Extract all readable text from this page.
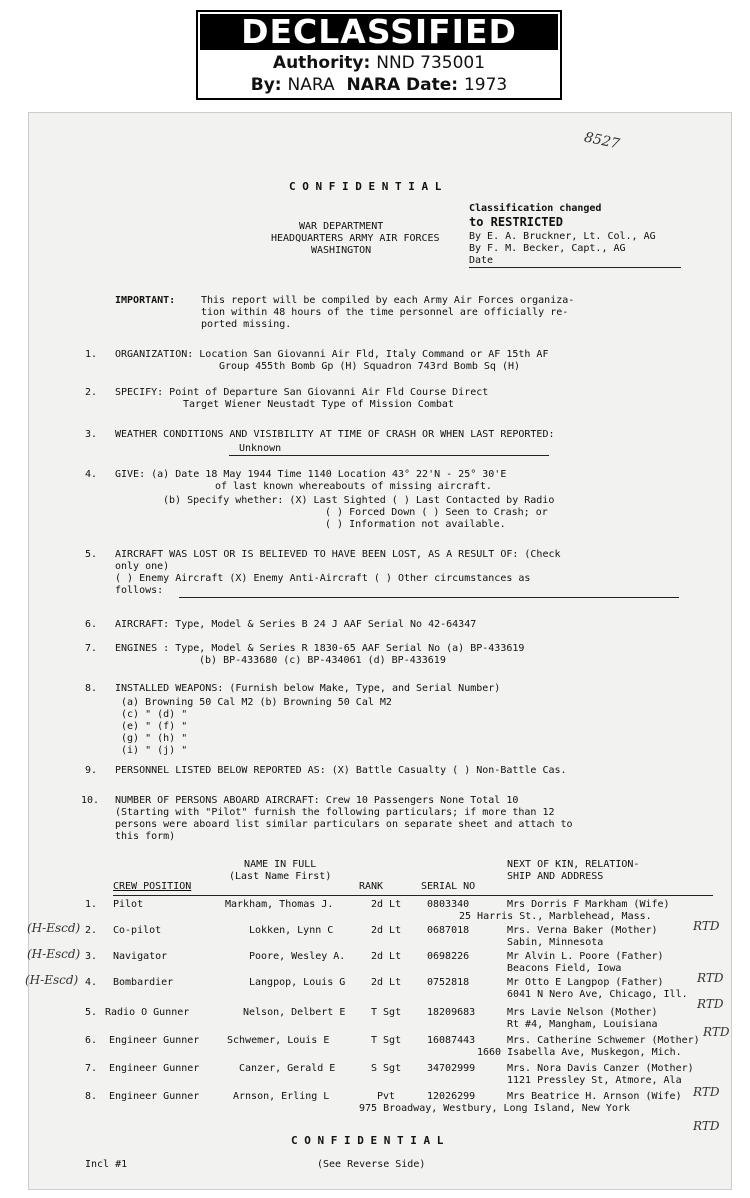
DECLASSIFIED
Authority: NND 735001
By: NARA NARA Date: 1973
C O N F I D E N T I A L
8527
WAR DEPARTMENT
HEADQUARTERS ARMY AIR FORCES
WASHINGTON
Classification changed
to RESTRICTED
By E. A. Bruckner, Lt. Col., AG
By F. M. Becker, Capt., AG
Date
IMPORTANT:	This report will be compiled by each Army Air Forces organiza-
tion within 48 hours of the time personnel are officially re-
ported missing.
1. ORGANIZATION: Location San Giovanni Air Fld, Italy Command or AF 15th AF
Group 455th Bomb Gp (H) Squadron 743rd Bomb Sq (H)
2. SPECIFY: Point of Departure San Giovanni Air Fld Course Direct
Target Wiener Neustadt Type of Mission Combat
3. WEATHER CONDITIONS AND VISIBILITY AT TIME OF CRASH OR WHEN LAST REPORTED:
Unknown
4. GIVE: (a) Date 18 May 1944 Time 1140 Location 43° 22'N - 25° 30'E
of last known whereabouts of missing aircraft.
(b) Specify whether: (X) Last Sighted ( ) Last Contacted by Radio
( ) Forced Down ( ) Seen to Crash; or
( ) Information not available.
5. AIRCRAFT WAS LOST OR IS BELIEVED TO HAVE BEEN LOST, AS A RESULT OF: (Check
only one)
( ) Enemy Aircraft (X) Enemy Anti-Aircraft ( ) Other circumstances as
follows:
6. AIRCRAFT: Type, Model & Series B 24 J AAF Serial No 42-64347
7. ENGINES : Type, Model & Series R 1830-65 AAF Serial No (a) BP-433619
(b) BP-433680 (c) BP-434061 (d) BP-433619
8. INSTALLED WEAPONS: (Furnish below Make, Type, and Serial Number)
(a) Browning 50 Cal M2 (b) Browning 50 Cal M2
(c) " (d) "
(e) " (f) "
(g) " (h) "
(i) " (j) "
9. PERSONNEL LISTED BELOW REPORTED AS: (X) Battle Casualty ( ) Non-Battle Cas.
10. NUMBER OF PERSONS ABOARD AIRCRAFT: Crew 10 Passengers None Total 10
(Starting with "Pilot" furnish the following particulars; if more than 12
persons were aboard list similar particulars on separate sheet and attach to
this form)
CREW POSITION
NAME IN FULL
(Last Name First)
RANK	SERIAL NO
NEXT OF KIN, RELATION-
SHIP AND ADDRESS
1. Pilot	Markham, Thomas J.	2d Lt	0803340	Mrs Dorris F Markham (Wife)
25 Harris St., Marblehead, Mass.
(H-Escd) 2. Co-pilot	Lokken, Lynn C	2d Lt	0687018	Mrs. Verna Baker (Mother)
Sabin, Minnesota
(H-Escd) 3. Navigator	Poore, Wesley A.	2d Lt	0698226	Mr Alvin L. Poore (Father)
Beacons Field, Iowa
(H-Escd) 4. Bombardier	Langpop, Louis G	2d Lt	0752818	Mr Otto E Langpop (Father)
6041 N Nero Ave, Chicago, Ill.
5. Radio O Gunner	Nelson, Delbert E	T Sgt	18209683	Mrs Lavie Nelson (Mother)
Rt #4, Mangham, Louisiana
6. Engineer Gunner	Schwemer, Louis E	T Sgt	16087443	Mrs. Catherine Schwemer (Mother)
1660 Isabella Ave, Muskegon, Mich.
7. Engineer Gunner	Canzer, Gerald E	S Sgt	34702999	Mrs. Nora Davis Canzer (Mother)
1121 Pressley St, Atmore, Ala
8. Engineer Gunner	Arnson, Erling L	Pvt	12026299	Mrs Beatrice H. Arnson (Wife)
975 Broadway, Westbury, Long Island, New York
RTD
RTD
RTD
RTD
RTD
RTD
C O N F I D E N T I A L
Incl #1	(See Reverse Side)
